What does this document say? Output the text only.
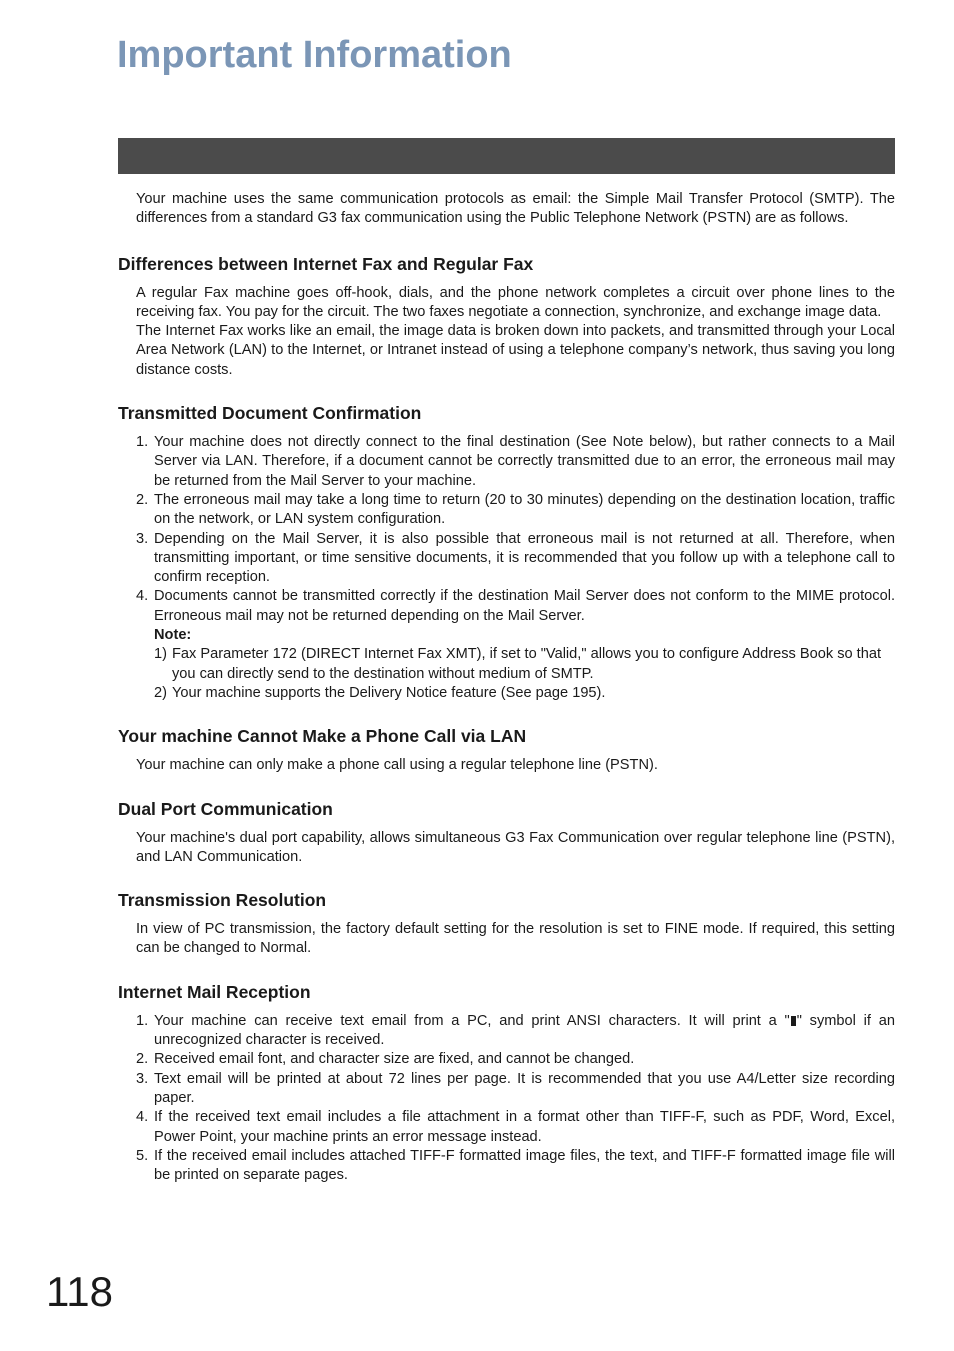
Important Information

Your machine uses the same communication protocols as email: the Simple Mail Transfer Protocol (SMTP). The differences from a standard G3 fax communication using the Public Telephone Network (PSTN) are as follows.

Differences between Internet Fax and Regular Fax

A regular Fax machine goes off-hook, dials, and the phone network completes a circuit over phone lines to the receiving fax. You pay for the circuit. The two faxes negotiate a connection, synchronize, and exchange image data.

The Internet Fax works like an email, the image data is broken down into packets, and transmitted through your Local Area Network (LAN) to the Internet, or Intranet instead of using a telephone company’s network, thus saving you long distance costs.

Transmitted Document Confirmation
1. Your machine does not directly connect to the final destination (See Note below), but rather connects to a Mail Server via LAN. Therefore, if a document cannot be correctly transmitted due to an error, the erroneous mail may be returned from the Mail Server to your machine.
2. The erroneous mail may take a long time to return (20 to 30 minutes) depending on the destination location, traffic on the network, or LAN system configuration.
3. Depending on the Mail Server, it is also possible that erroneous mail is not returned at all. Therefore, when transmitting important, or time sensitive documents, it is recommended that you follow up with a telephone call to confirm reception.
4. Documents cannot be transmitted correctly if the destination Mail Server does not conform to the MIME protocol. Erroneous mail may not be returned depending on the Mail Server.
Note:
1) Fax Parameter 172 (DIRECT Internet Fax XMT), if set to "Valid," allows you to configure Address Book so that you can directly send to the destination without medium of SMTP.
2) Your machine supports the Delivery Notice feature (See page 195).
Your machine Cannot Make a Phone Call via LAN

Your machine can only make a phone call using a regular telephone line (PSTN).

Dual Port Communication

Your machine's dual port capability, allows simultaneous G3 Fax Communication over regular telephone line (PSTN), and LAN Communication.

Transmission Resolution

In view of PC transmission, the factory default setting for the resolution is set to FINE mode. If required, this setting can be changed to Normal.

Internet Mail Reception
1. Your machine can receive text email from a PC, and print ANSI characters. It will print a " " symbol if an unrecognized character is received.
2. Received email font, and character size are fixed, and cannot be changed.
3. Text email will be printed at about 72 lines per page. It is recommended that you use A4/Letter size recording paper.
4. If the received text email includes a file attachment in a format other than TIFF-F, such as PDF, Word, Excel, Power Point, your machine prints an error message instead.
5. If the received email includes attached TIFF-F formatted image files, the text, and TIFF-F formatted image file will be printed on separate pages.
118
